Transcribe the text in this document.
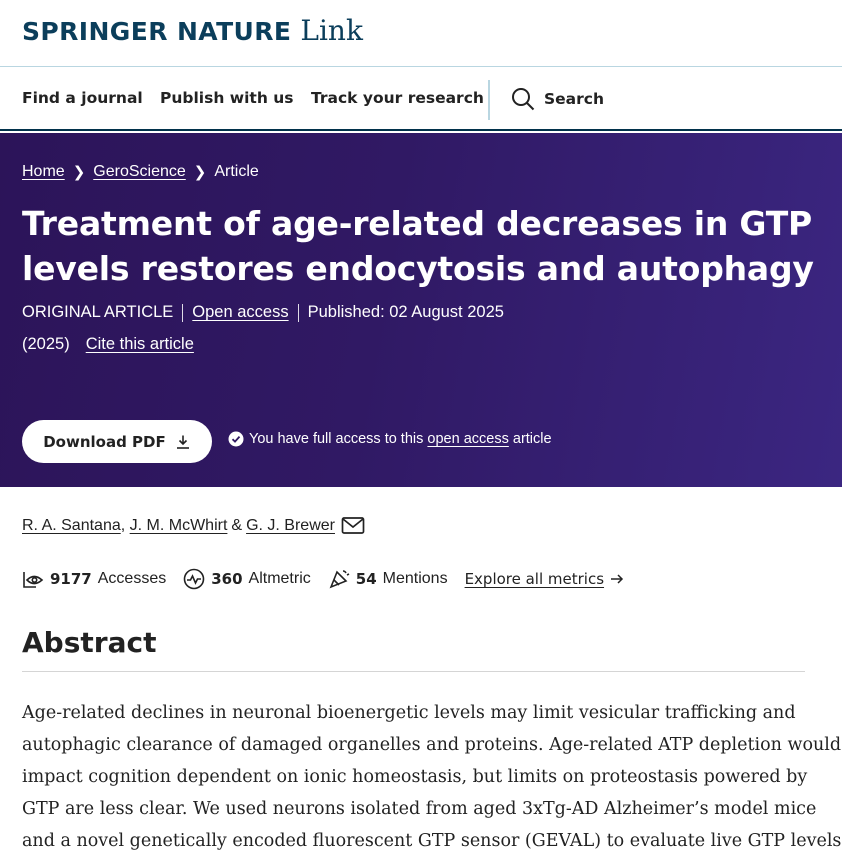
SPRINGER NATURE Link
Find a journal Publish with us Track your research	Search
Home ❯ GeroScience ❯ Article
Treatment of age-related decreases in GTP
levels restores endocytosis and autophagy
ORIGINAL ARTICLE Open access Published: 02 August 2025
(2025) Cite this article
Download PDF	You have full access to this
open access
article
R. A. Santana ,
J. M. McWhirt & G. J. Brewer
9177 Accesses	360 Altmetric	54 Mentions Explore all metrics
Abstract
Age-related declines in neuronal bioenergetic levels may limit vesicular trafficking and
autophagic clearance of damaged organelles and proteins. Age-related ATP depletion would
impact cognition dependent on ionic homeostasis, but limits on proteostasis powered by
GTP are less clear. We used neurons isolated from aged 3xTg-AD Alzheimer’s model mice
and a novel genetically encoded fluorescent GTP sensor (GEVAL) to evaluate live GTP levels
